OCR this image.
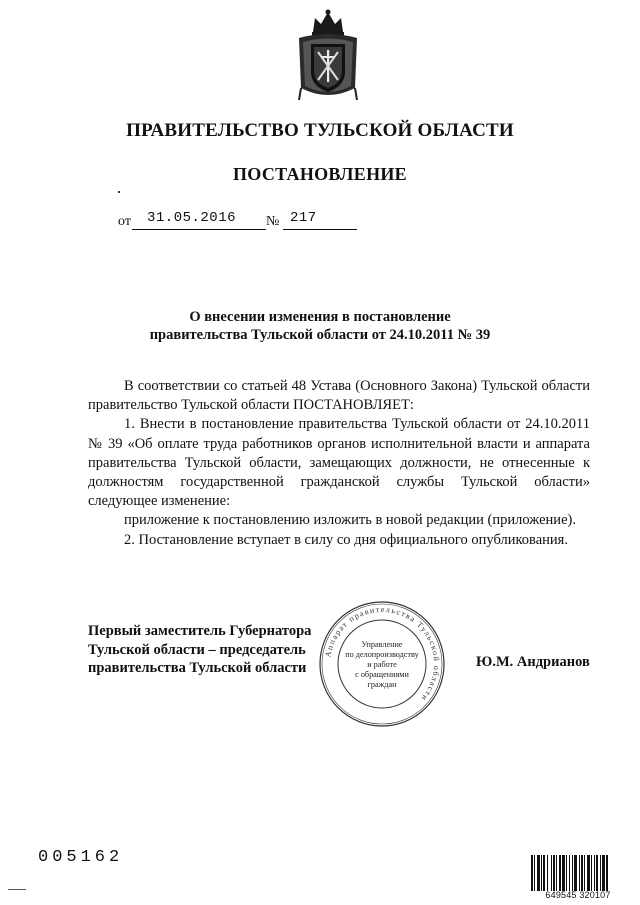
ПРАВИТЕЛЬСТВО ТУЛЬСКОЙ ОБЛАСТИ
ПОСТАНОВЛЕНИЕ
от 31.05.2016 № 217
О внесении изменения в постановление
правительства Тульской области от 24.10.2011 № 39

В соответствии со статьей 48 Устава (Основного Закона) Тульской области правительство Тульской области ПОСТАНОВЛЯЕТ:

1. Внести в постановление правительства Тульской области от 24.10.2011 № 39 «Об оплате труда работников органов исполнительной власти и аппарата правительства Тульской области, замещающих должности, не отнесенные к должностям государственной гражданской службы Тульской области» следующее изменение:

приложение к постановлению изложить в новой редакции (приложение).

2. Постановление вступает в силу со дня официального опубликования.

Первый заместитель Губернатора
Тульской области – председатель
правительства Тульской области	Ю.М. Андрианов
Аппарат правительства Тульской области
Управление
по делопроизводству
и работе
с обращениями
граждан
005162
649545 320107
